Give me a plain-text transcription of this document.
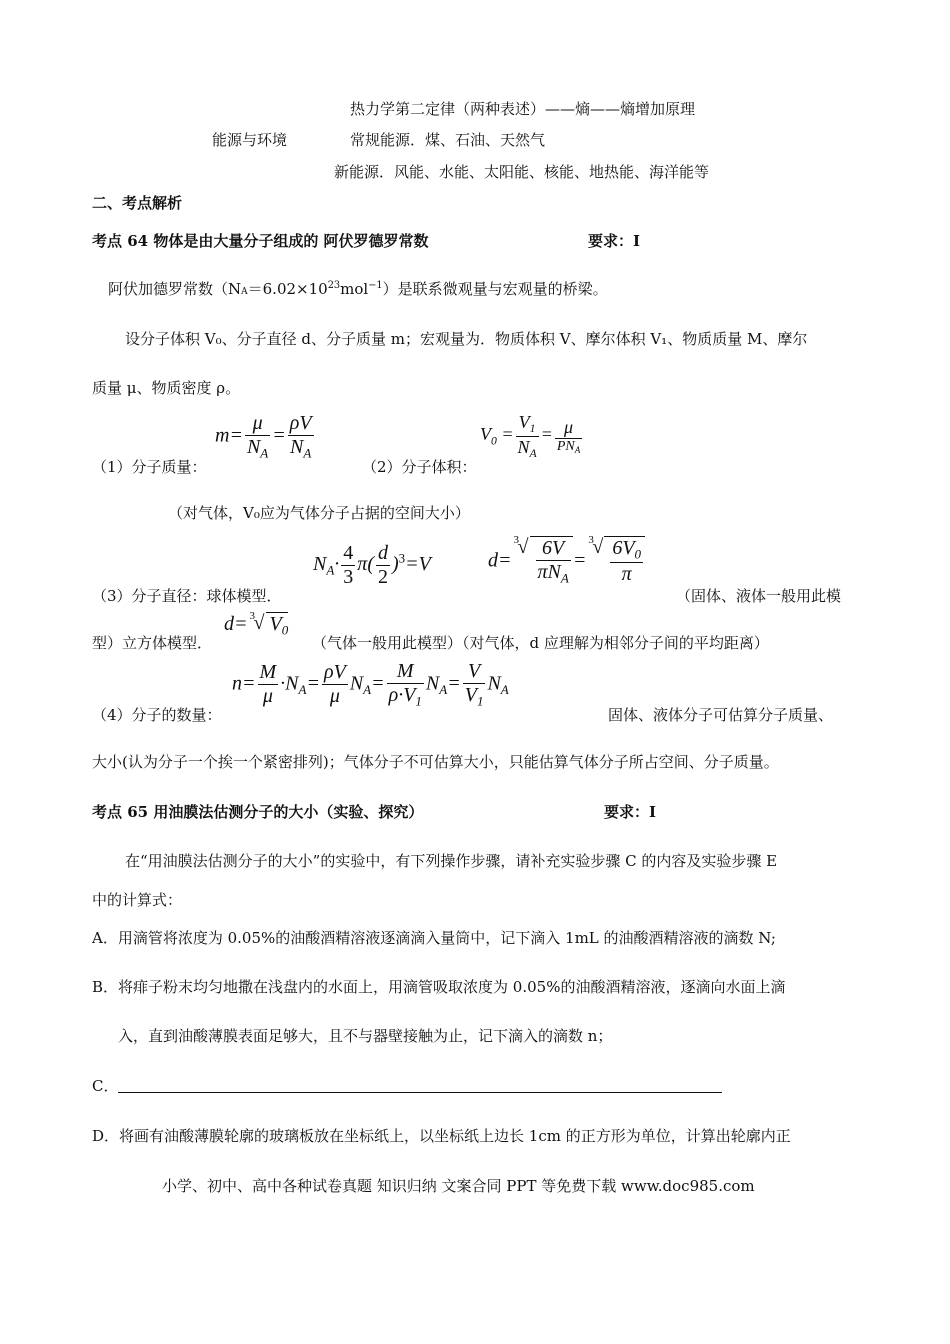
热力学第二定律（两种表述）——熵——熵增加原理
能源与环境	常规能源．煤、石油、天然气
新能源．风能、水能、太阳能、核能、地热能、海洋能等
二、考点解析
考点 64 物体是由大量分子组成的 阿伏罗德罗常数	要求：Ⅰ
阿伏加德罗常数$(NA=6.02\times 10^{23}mol^{-1})$是联系微观量与宏观量的桥梁。
设分子体积 V₀、分子直径 d、分子质量 m；宏观量为．物质体积 V、摩尔体积 V₁、物质质量 M、摩尔
质量 μ、物质密度 ρ。
（1）分子质量：
$m= \frac{\mu}{N_A} = \frac{\rho V}{N_A}$
（2）分子体积：
$V_0 = \frac{V_1}{N_A} = \frac{\mu}{PN_A}$
（对气体，V₀应为气体分子占据的空间大小）
（3）分子直径：球体模型．
$N_A\cdot \frac{4}{3} \pi( \frac{d}{2} )^3=V$	d=
3
√ $\frac{6V}{\pi N_A}$ =
3
√ $\frac{6V_0}{\pi}$
（固体、液体一般用此模
型）立方体模型．
d= 3
√ $V_0$
（气体一般用此模型）（对气体，d 应理解为相邻分子间的平均距离）
（4）分子的数量：
$n= \frac{M}{\mu} \cdot N_A= \frac{\rho V}{\mu} N_A= \frac{M}{\rho\cdot V_1} N_A= \frac{V}{V_1} N_A$
固体、液体分子可估算分子质量、
大小(认为分子一个挨一个紧密排列)；气体分子不可估算大小，只能估算气体分子所占空间、分子质量。
考点 65 用油膜法估测分子的大小（实验、探究）	要求：Ⅰ
在“用油膜法估测分子的大小”的实验中，有下列操作步骤，请补充实验步骤 C 的内容及实验步骤 E
中的计算式：
A．用滴管将浓度为 0.05%的油酸酒精溶液逐滴滴入量筒中，记下滴入 1mL 的油酸酒精溶液的滴数 N;
B．将痱子粉末均匀地撒在浅盘内的水面上，用滴管吸取浓度为 0.05%的油酸酒精溶液，逐滴向水面上滴
入，直到油酸薄膜表面足够大，且不与器壁接触为止，记下滴入的滴数 n；
C．
D．将画有油酸薄膜轮廓的玻璃板放在坐标纸上，以坐标纸上边长 1cm 的正方形为单位，计算出轮廓内正
小学、初中、高中各种试卷真题 知识归纳 文案合同 PPT 等免费下载 www.doc985.com
